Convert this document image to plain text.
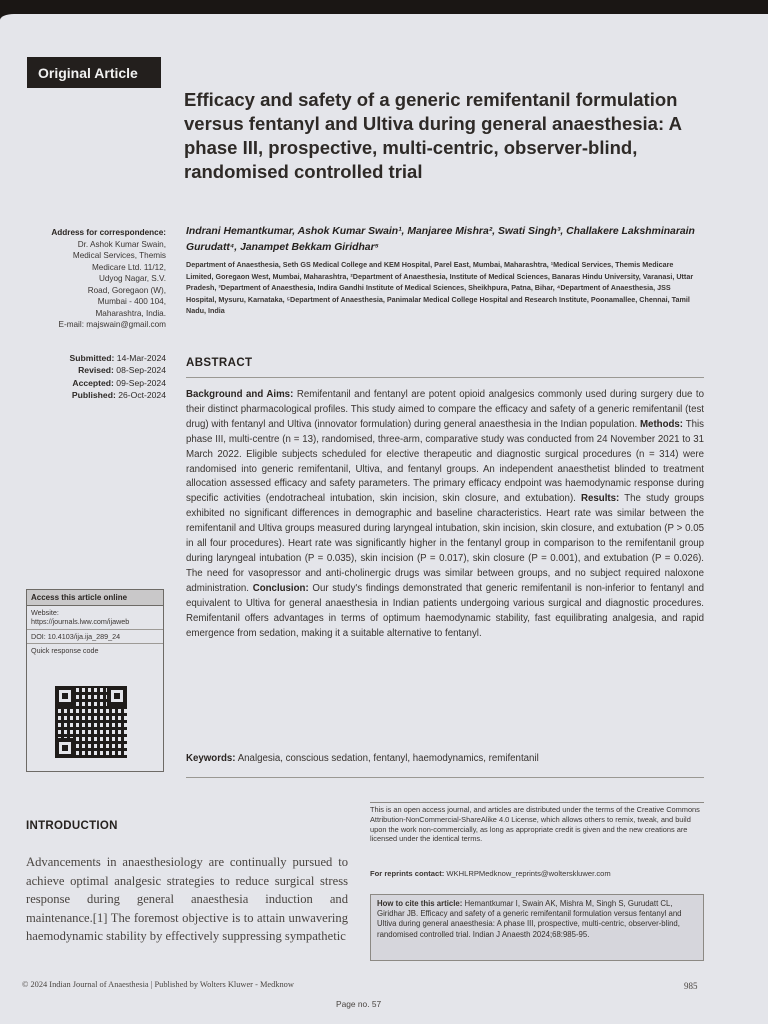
Original Article
Efficacy and safety of a generic remifentanil formulation versus fentanyl and Ultiva during general anaesthesia: A phase III, prospective, multi-centric, observer-blind, randomised controlled trial
Indrani Hemantkumar, Ashok Kumar Swain¹, Manjaree Mishra², Swati Singh³, Challakere Lakshminarain Gurudatt⁴, Janampet Bekkam Giridhar⁵
Department of Anaesthesia, Seth GS Medical College and KEM Hospital, Parel East, Mumbai, Maharashtra, ¹Medical Services, Themis Medicare Limited, Goregaon West, Mumbai, Maharashtra, ²Department of Anaesthesia, Institute of Medical Sciences, Banaras Hindu University, Varanasi, Uttar Pradesh, ³Department of Anaesthesia, Indira Gandhi Institute of Medical Sciences, Sheikhpura, Patna, Bihar, ⁴Department of Anaesthesia, JSS Hospital, Mysuru, Karnataka, ⁵Department of Anaesthesia, Panimalar Medical College Hospital and Research Institute, Poonamallee, Chennai, Tamil Nadu, India
Address for correspondence:
Dr. Ashok Kumar Swain,
Medical Services, Themis
Medicare Ltd. 11/12,
Udyog Nagar, S.V.
Road, Goregaon (W),
Mumbai - 400 104,
Maharashtra, India.
E-mail: majswain@gmail.com
Submitted: 14-Mar-2024
Revised: 08-Sep-2024
Accepted: 09-Sep-2024
Published: 26-Oct-2024
ABSTRACT
Background and Aims: Remifentanil and fentanyl are potent opioid analgesics commonly used during surgery due to their distinct pharmacological profiles. This study aimed to compare the efficacy and safety of a generic remifentanil (test drug) with fentanyl and Ultiva (innovator formulation) during general anaesthesia in the Indian population. Methods: This phase III, multi-centre (n = 13), randomised, three-arm, comparative study was conducted from 24 November 2021 to 31 March 2022. Eligible subjects scheduled for elective therapeutic and diagnostic surgical procedures (n = 314) were randomised into generic remifentanil, Ultiva, and fentanyl groups. An independent anaesthetist blinded to treatment allocation assessed efficacy and safety parameters. The primary efficacy endpoint was haemodynamic response during specific activities (endotracheal intubation, skin incision, skin closure, and extubation). Results: The study groups exhibited no significant differences in demographic and baseline characteristics. Heart rate was similar between the remifentanil and Ultiva groups measured during laryngeal intubation, skin incision, skin closure, and extubation (P > 0.05 in all four procedures). Heart rate was significantly higher in the fentanyl group in comparison to the remifentanil group during laryngeal intubation (P = 0.035), skin incision (P = 0.017), skin closure (P = 0.001), and extubation (P = 0.026). The need for vasopressor and anti-cholinergic drugs was similar between groups, and no subject required naloxone administration. Conclusion: Our study's findings demonstrated that generic remifentanil is non-inferior to fentanyl and equivalent to Ultiva for general anaesthesia in Indian patients undergoing various surgical and diagnostic procedures. Remifentanil offers advantages in terms of optimum haemodynamic stability, fast equilibrating analgesia, and rapid emergence from sedation, making it a suitable alternative to fentanyl.
Keywords: Analgesia, conscious sedation, fentanyl, haemodynamics, remifentanil
Access this article online
Website: https://journals.lww.com/ijaweb
DOI: 10.4103/ija.ija_289_24
Quick response code
This is an open access journal, and articles are distributed under the terms of the Creative Commons Attribution-NonCommercial-ShareAlike 4.0 License, which allows others to remix, tweak, and build upon the work non-commercially, as long as appropriate credit is given and the new creations are licensed under the identical terms.
For reprints contact: WKHLRPMedknow_reprints@wolterskluwer.com
How to cite this article: Hemantkumar I, Swain AK, Mishra M, Singh S, Gurudatt CL, Giridhar JB. Efficacy and safety of a generic remifentanil formulation versus fentanyl and Ultiva during general anaesthesia: A phase III, prospective, multi-centric, observer-blind, randomised controlled trial. Indian J Anaesth 2024;68:985-95.
INTRODUCTION
Advancements in anaesthesiology are continually pursued to achieve optimal analgesic strategies to reduce surgical stress response during general anaesthesia induction and maintenance.[1] The foremost objective is to attain unwavering haemodynamic stability by effectively suppressing sympathetic
© 2024 Indian Journal of Anaesthesia | Published by Wolters Kluwer - Medknow	985
Page no. 57
